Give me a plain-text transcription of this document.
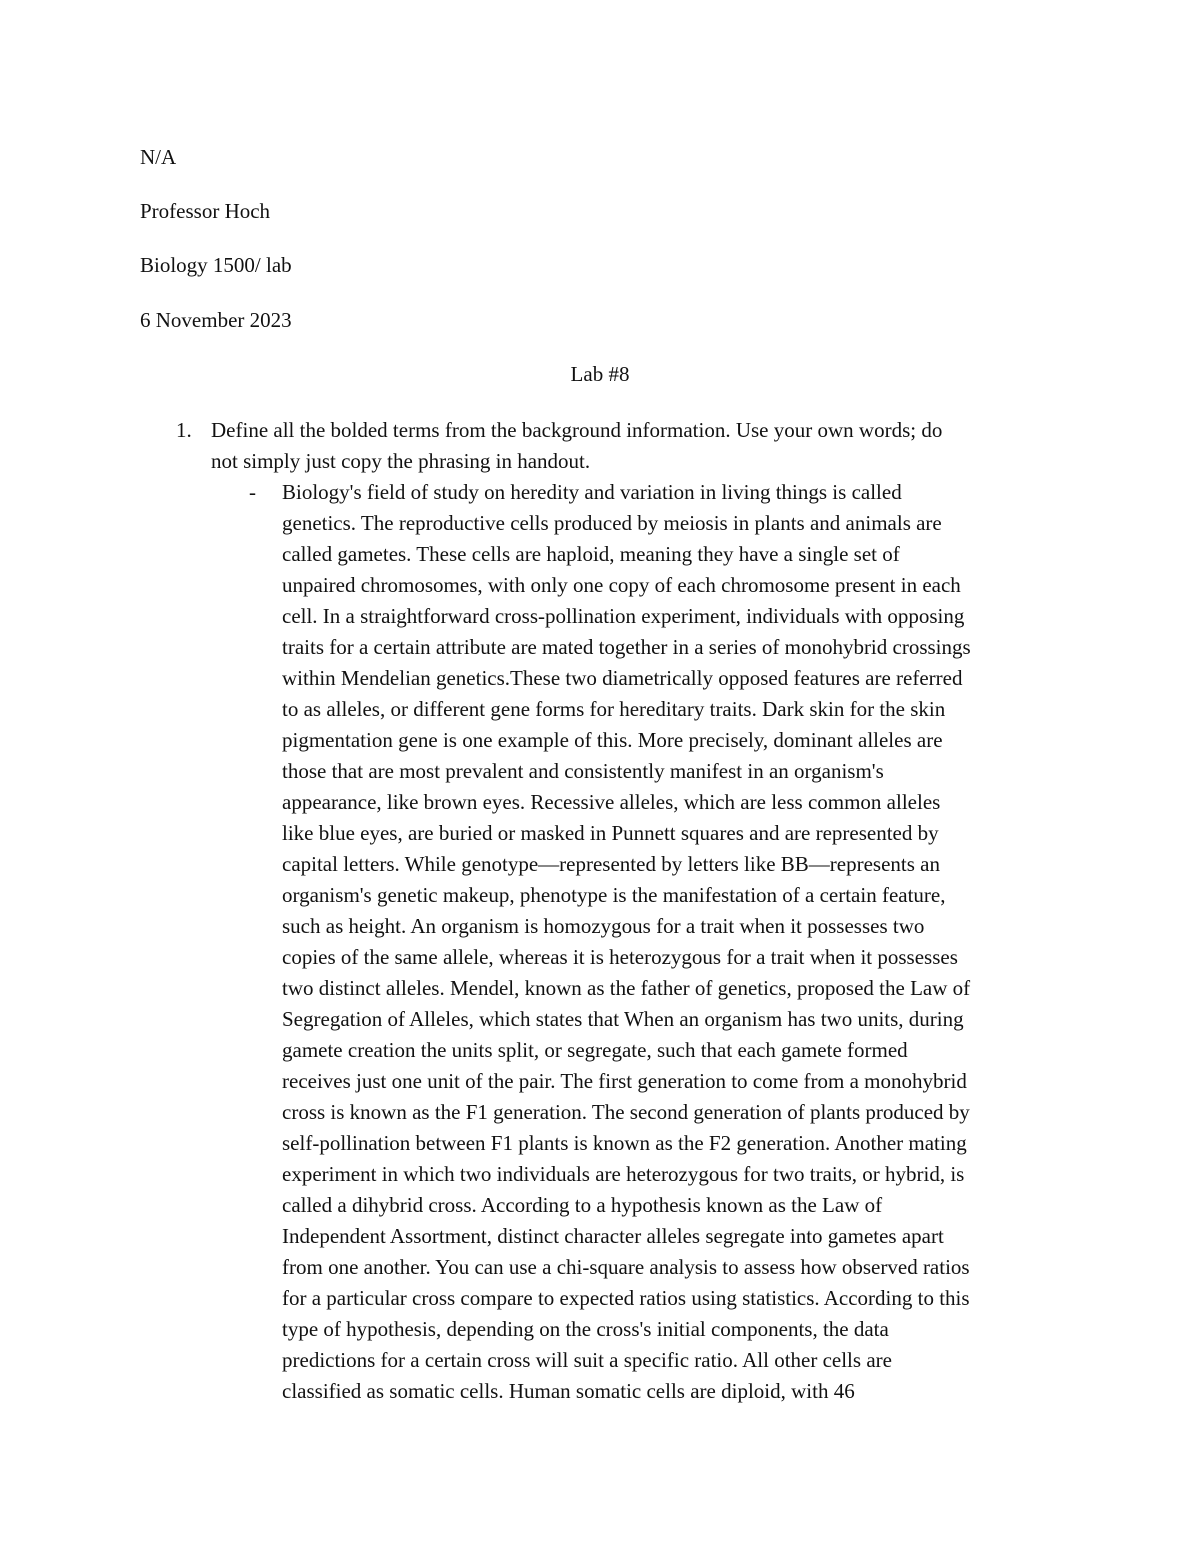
N/A
Professor Hoch
Biology 1500/ lab
6 November 2023
Lab #8
1. Define all the bolded terms from the background information. Use your own words; do
not simply just copy the phrasing in handout.
- Biology's field of study on heredity and variation in living things is called
genetics. The reproductive cells produced by meiosis in plants and animals are
called gametes. These cells are haploid, meaning they have a single set of
unpaired chromosomes, with only one copy of each chromosome present in each
cell. In a straightforward cross-pollination experiment, individuals with opposing
traits for a certain attribute are mated together in a series of monohybrid crossings
within Mendelian genetics.These two diametrically opposed features are referred
to as alleles, or different gene forms for hereditary traits. Dark skin for the skin
pigmentation gene is one example of this. More precisely, dominant alleles are
those that are most prevalent and consistently manifest in an organism's
appearance, like brown eyes. Recessive alleles, which are less common alleles
like blue eyes, are buried or masked in Punnett squares and are represented by
capital letters. While genotype—represented by letters like BB—represents an
organism's genetic makeup, phenotype is the manifestation of a certain feature,
such as height. An organism is homozygous for a trait when it possesses two
copies of the same allele, whereas it is heterozygous for a trait when it possesses
two distinct alleles. Mendel, known as the father of genetics, proposed the Law of
Segregation of Alleles, which states that When an organism has two units, during
gamete creation the units split, or segregate, such that each gamete formed
receives just one unit of the pair. The first generation to come from a monohybrid
cross is known as the F1 generation. The second generation of plants produced by
self-pollination between F1 plants is known as the F2 generation. Another mating
experiment in which two individuals are heterozygous for two traits, or hybrid, is
called a dihybrid cross. According to a hypothesis known as the Law of
Independent Assortment, distinct character alleles segregate into gametes apart
from one another. You can use a chi-square analysis to assess how observed ratios
for a particular cross compare to expected ratios using statistics. According to this
type of hypothesis, depending on the cross's initial components, the data
predictions for a certain cross will suit a specific ratio. All other cells are
classified as somatic cells. Human somatic cells are diploid, with 46
